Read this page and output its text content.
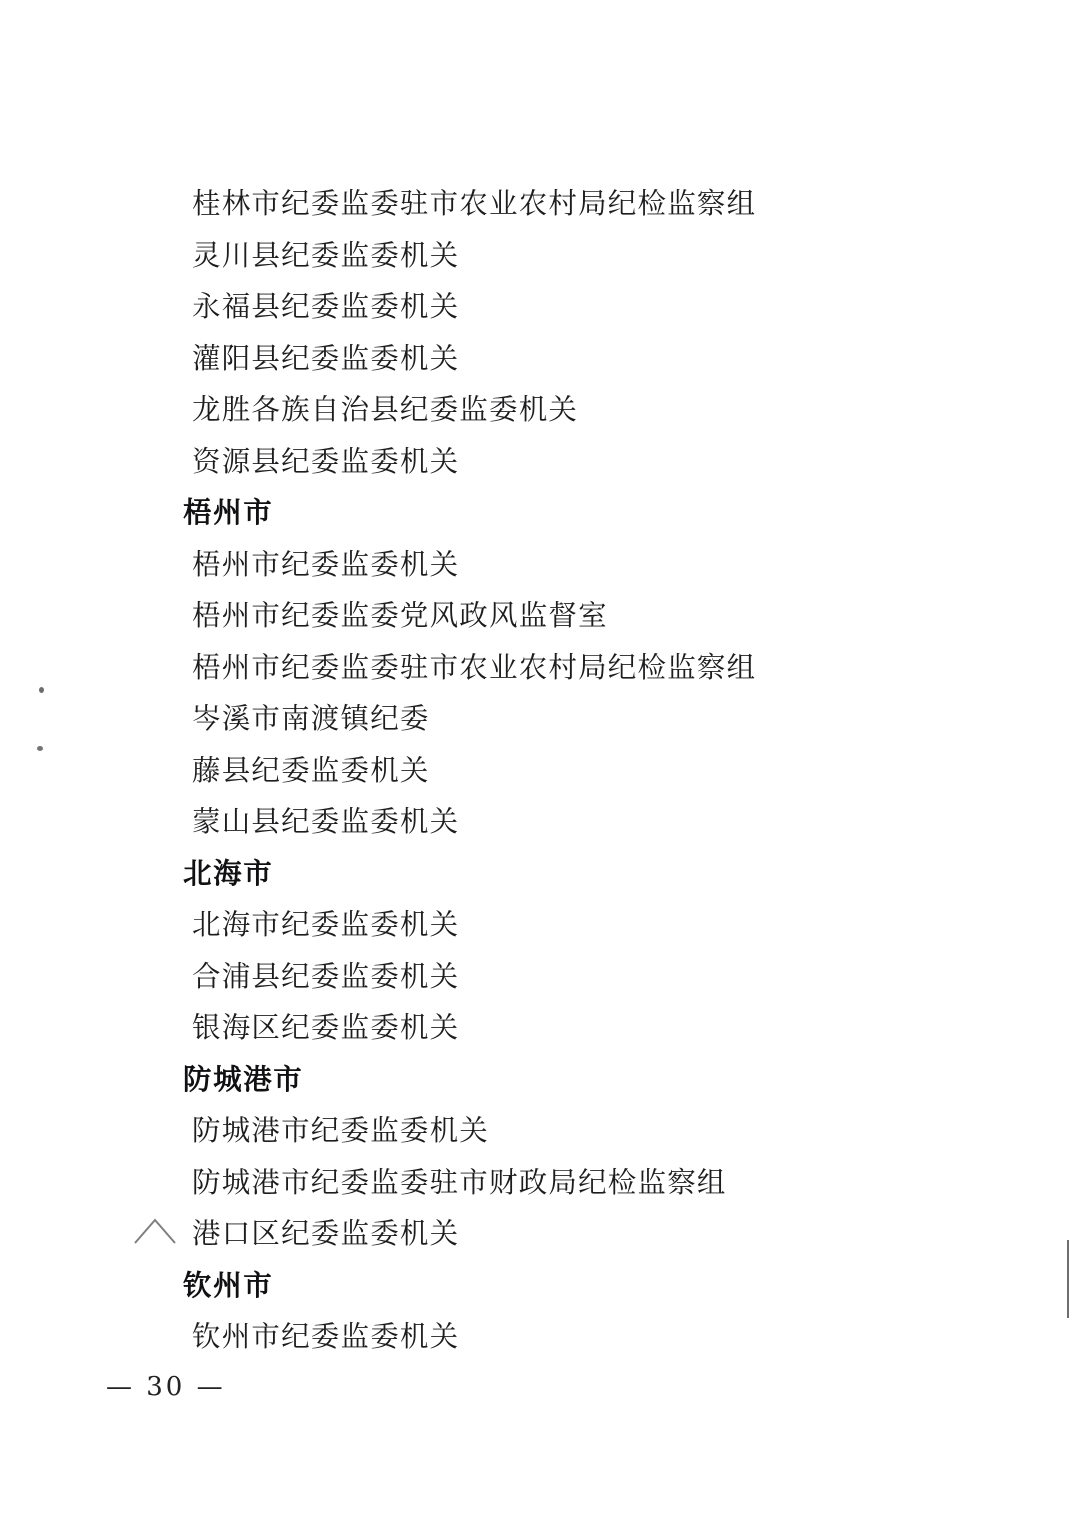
桂林市纪委监委驻市农业农村局纪检监察组
灵川县纪委监委机关
永福县纪委监委机关
灌阳县纪委监委机关
龙胜各族自治县纪委监委机关
资源县纪委监委机关
梧州市
梧州市纪委监委机关
梧州市纪委监委党风政风监督室
梧州市纪委监委驻市农业农村局纪检监察组
岑溪市南渡镇纪委
藤县纪委监委机关
蒙山县纪委监委机关
北海市
北海市纪委监委机关
合浦县纪委监委机关
银海区纪委监委机关
防城港市
防城港市纪委监委机关
防城港市纪委监委驻市财政局纪检监察组
港口区纪委监委机关
钦州市
钦州市纪委监委机关
— 30 —
